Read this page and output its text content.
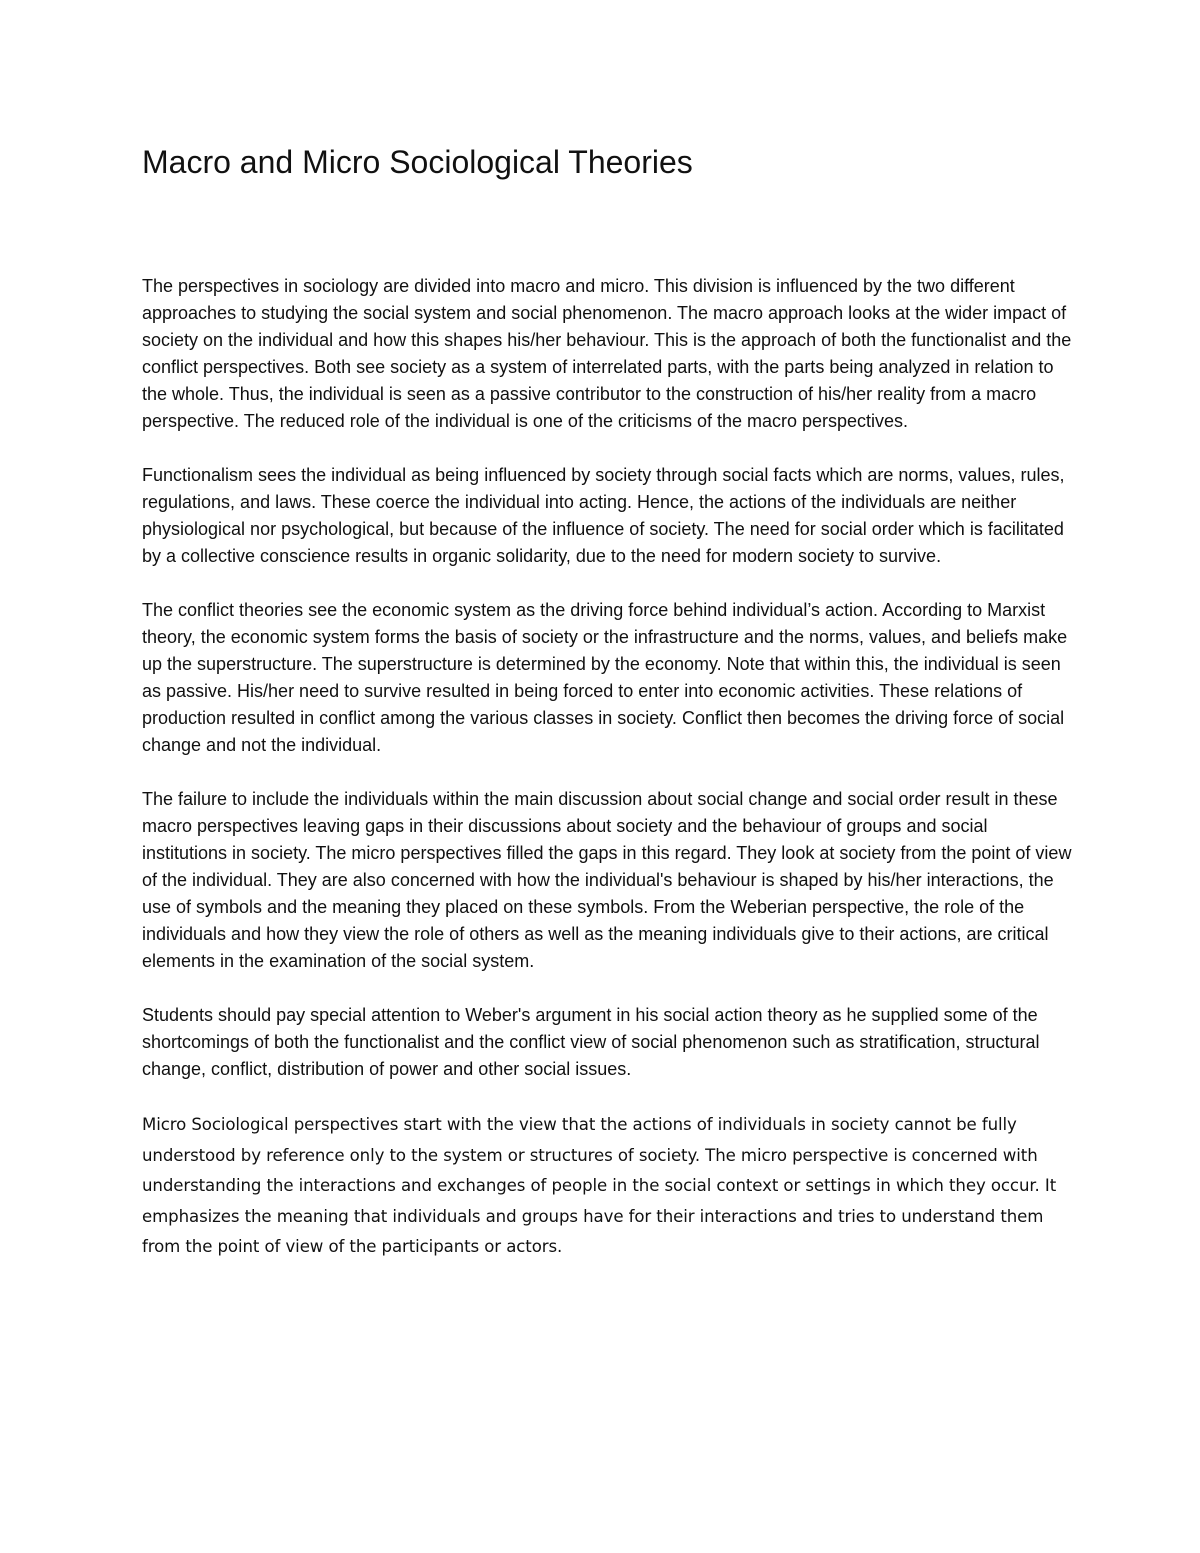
Macro and Micro Sociological Theories

The perspectives in sociology are divided into macro and micro. This division is influenced by the two different approaches to studying the social system and social phenomenon. The macro approach looks at the wider impact of society on the individual and how this shapes his/her behaviour. This is the approach of both the functionalist and the conflict perspectives. Both see society as a system of interrelated parts, with the parts being analyzed in relation to the whole. Thus, the individual is seen as a passive contributor to the construction of his/her reality from a macro perspective. The reduced role of the individual is one of the criticisms of the macro perspectives.

Functionalism sees the individual as being influenced by society through social facts which are norms, values, rules, regulations, and laws. These coerce the individual into acting. Hence, the actions of the individuals are neither physiological nor psychological, but because of the influence of society. The need for social order which is facilitated by a collective conscience results in organic solidarity, due to the need for modern society to survive.

The conflict theories see the economic system as the driving force behind individual’s action. According to Marxist theory, the economic system forms the basis of society or the infrastructure and the norms, values, and beliefs make up the superstructure. The superstructure is determined by the economy. Note that within this, the individual is seen as passive. His/her need to survive resulted in being forced to enter into economic activities. These relations of production resulted in conflict among the various classes in society. Conflict then becomes the driving force of social change and not the individual.

The failure to include the individuals within the main discussion about social change and social order result in these macro perspectives leaving gaps in their discussions about society and the behaviour of groups and social institutions in society. The micro perspectives filled the gaps in this regard. They look at society from the point of view of the individual. They are also concerned with how the individual's behaviour is shaped by his/her interactions, the use of symbols and the meaning they placed on these symbols. From the Weberian perspective, the role of the individuals and how they view the role of others as well as the meaning individuals give to their actions, are critical elements in the examination of the social system.

Students should pay special attention to Weber's argument in his social action theory as he supplied some of the shortcomings of both the functionalist and the conflict view of social phenomenon such as stratification, structural change, conflict, distribution of power and other social issues.

Micro Sociological perspectives start with the view that the actions of individuals in society cannot be fully understood by reference only to the system or structures of society. The micro perspective is concerned with understanding the interactions and exchanges of people in the social context or settings in which they occur. It emphasizes the meaning that individuals and groups have for their interactions and tries to understand them from the point of view of the participants or actors.
